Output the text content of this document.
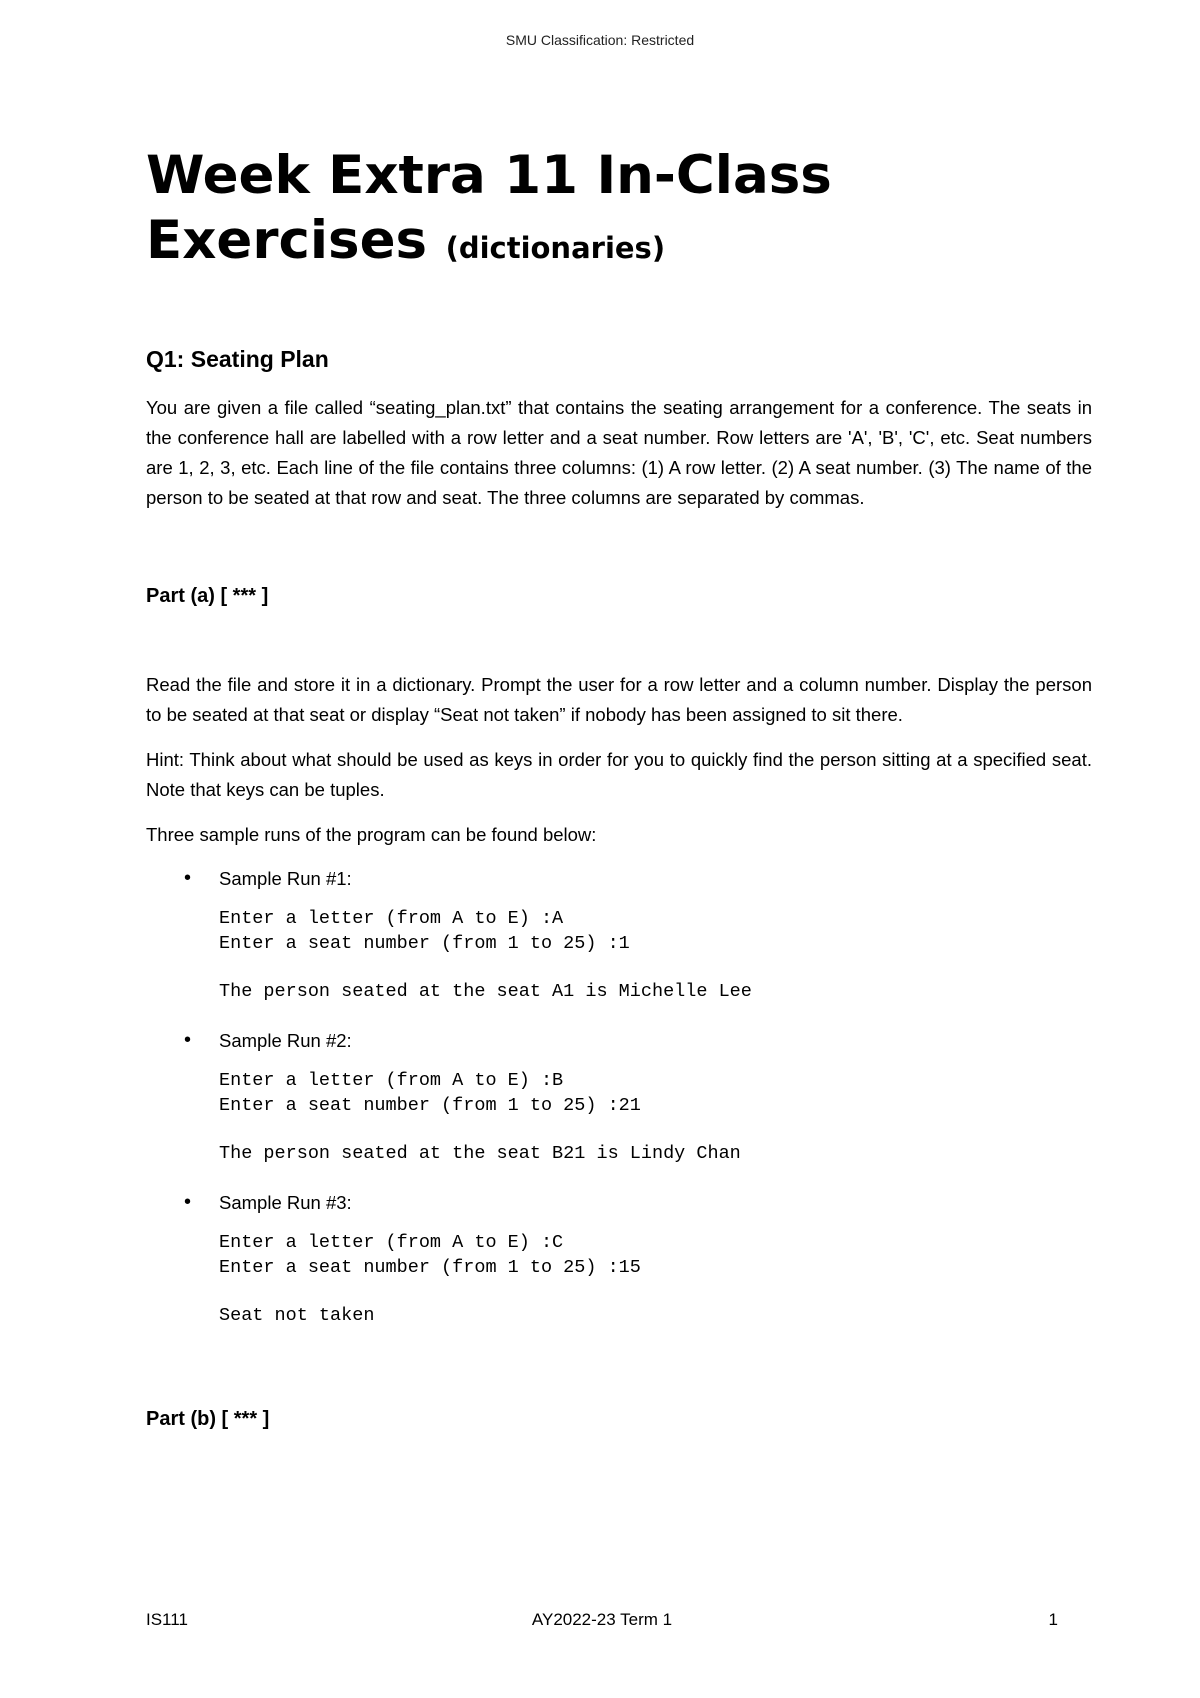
SMU Classification: Restricted
Week Extra 11 In-Class Exercises (dictionaries)
Q1: Seating Plan

You are given a file called “seating_plan.txt” that contains the seating arrangement for a conference. The seats in the conference hall are labelled with a row letter and a seat number. Row letters are 'A', 'B', 'C', etc. Seat numbers are 1, 2, 3, etc. Each line of the file contains three columns: (1) A row letter. (2) A seat number. (3) The name of the person to be seated at that row and seat. The three columns are separated by commas.

Part (a) [ *** ]

Read the file and store it in a dictionary. Prompt the user for a row letter and a column number. Display the person to be seated at that seat or display “Seat not taken” if nobody has been assigned to sit there.

Hint: Think about what should be used as keys in order for you to quickly find the person sitting at a specified seat. Note that keys can be tuples.

Three sample runs of the program can be found below:

• Sample Run #1:
Enter a letter (from A to E) :A
Enter a seat number (from 1 to 25) :1
The person seated at the seat A1 is Michelle Lee
• Sample Run #2:
Enter a letter (from A to E) :B
Enter a seat number (from 1 to 25) :21
The person seated at the seat B21 is Lindy Chan
• Sample Run #3:
Enter a letter (from A to E) :C
Enter a seat number (from 1 to 25) :15
Seat not taken
Part (b) [ *** ]
IS111	AY2022-23 Term 1	1
